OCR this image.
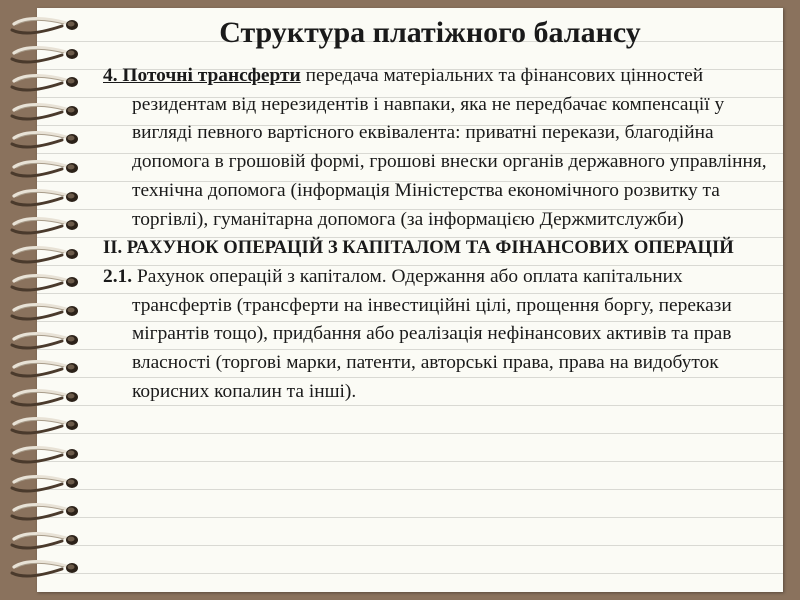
Структура платіжного балансу

4. Поточні трансферти передача матеріальних та фінансових цінностей резидентам від нерезидентів і навпаки, яка не передбачає компенсації у вигляді певного вартісного еквівалента: приватні перекази, благодійна допомога в грошовій формі, грошові внески органів державного управління, технічна допомога (інформація Міністерства економічного розвитку та торгівлі), гуманітарна допомога (за інформацією Держмитслужби)

ІІ. РАХУНОК ОПЕРАЦІЙ З КАПІТАЛОМ ТА ФІНАНСОВИХ ОПЕРАЦІЙ

2.1. Рахунок операцій з капіталом. Одержання або оплата капітальних трансфертів (трансферти на інвестиційні цілі, прощення боргу, перекази мігрантів тощо), придбання або реалізація нефінансових активів та прав власності (торгові марки, патенти, авторські права, права на видобуток корисних копалин та інші).
